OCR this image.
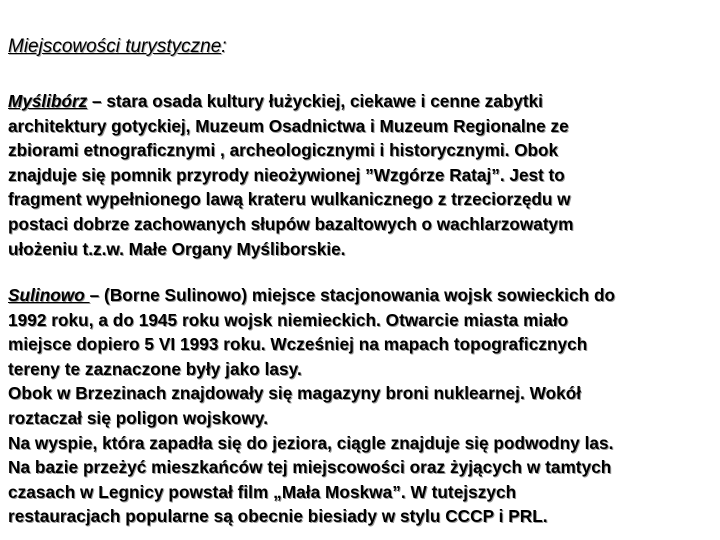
Miejscowości turystyczne:
Myślibórz – stara osada kultury łużyckiej, ciekawe i cenne zabytki
architektury gotyckiej, Muzeum Osadnictwa i Muzeum Regionalne ze
zbiorami etnograficznymi , archeologicznymi i historycznymi. Obok
znajduje się pomnik przyrody nieożywionej ”Wzgórze Rataj”. Jest to
fragment wypełnionego lawą krateru wulkanicznego z trzeciorzędu w
postaci dobrze zachowanych słupów bazaltowych o wachlarzowatym
ułożeniu t.z.w. Małe Organy Myśliborskie.
Sulinowo – (Borne Sulinowo) miejsce stacjonowania wojsk sowieckich do
1992 roku, a do 1945 roku wojsk niemieckich. Otwarcie miasta miało
miejsce dopiero 5 VI 1993 roku. Wcześniej na mapach topograficznych
tereny te zaznaczone były jako lasy.
Obok w Brzezinach znajdowały się magazyny broni nuklearnej. Wokół
roztaczał się poligon wojskowy.
Na wyspie, która zapadła się do jeziora, ciągle znajduje się podwodny las.
Na bazie przeżyć mieszkańców tej miejscowości oraz żyjących w tamtych
czasach w Legnicy powstał film „Mała Moskwa”. W tutejszych
restauracjach popularne są obecnie biesiady w stylu CCCP i PRL.
